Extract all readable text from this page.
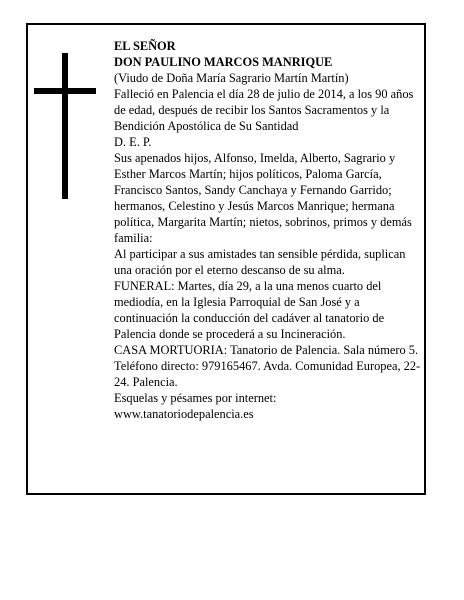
EL SEÑOR

DON PAULINO MARCOS MANRIQUE

(Viudo de Doña María Sagrario Martín Martín)

Falleció en Palencia el día 28 de julio de 2014, a los 90 años de edad, después de recibir los Santos Sacramentos y la Bendición Apostólica de Su Santidad

D. E. P.

Sus apenados hijos, Alfonso, Imelda, Alberto, Sagrario y Esther Marcos Martín; hijos políticos, Paloma García, Francisco Santos, Sandy Canchaya y Fernando Garrido; hermanos, Celestino y Jesús Marcos Manrique; hermana política, Margarita Martín; nietos, sobrinos, primos y demás familia:

Al participar a sus amistades tan sensible pérdida, suplican una oración por el eterno descanso de su alma.

FUNERAL: Martes, día 29, a la una menos cuarto del mediodía, en la Iglesia Parroquial de San José y a continuación la conducción del cadáver al tanatorio de Palencia donde se procederá a su Incineración.

CASA MORTUORIA: Tanatorio de Palencia. Sala número 5. Teléfono directo: 979165467. Avda. Comunidad Europea, 22-24. Palencia.

Esquelas y pésames por internet:

www.tanatoriodepalencia.es
